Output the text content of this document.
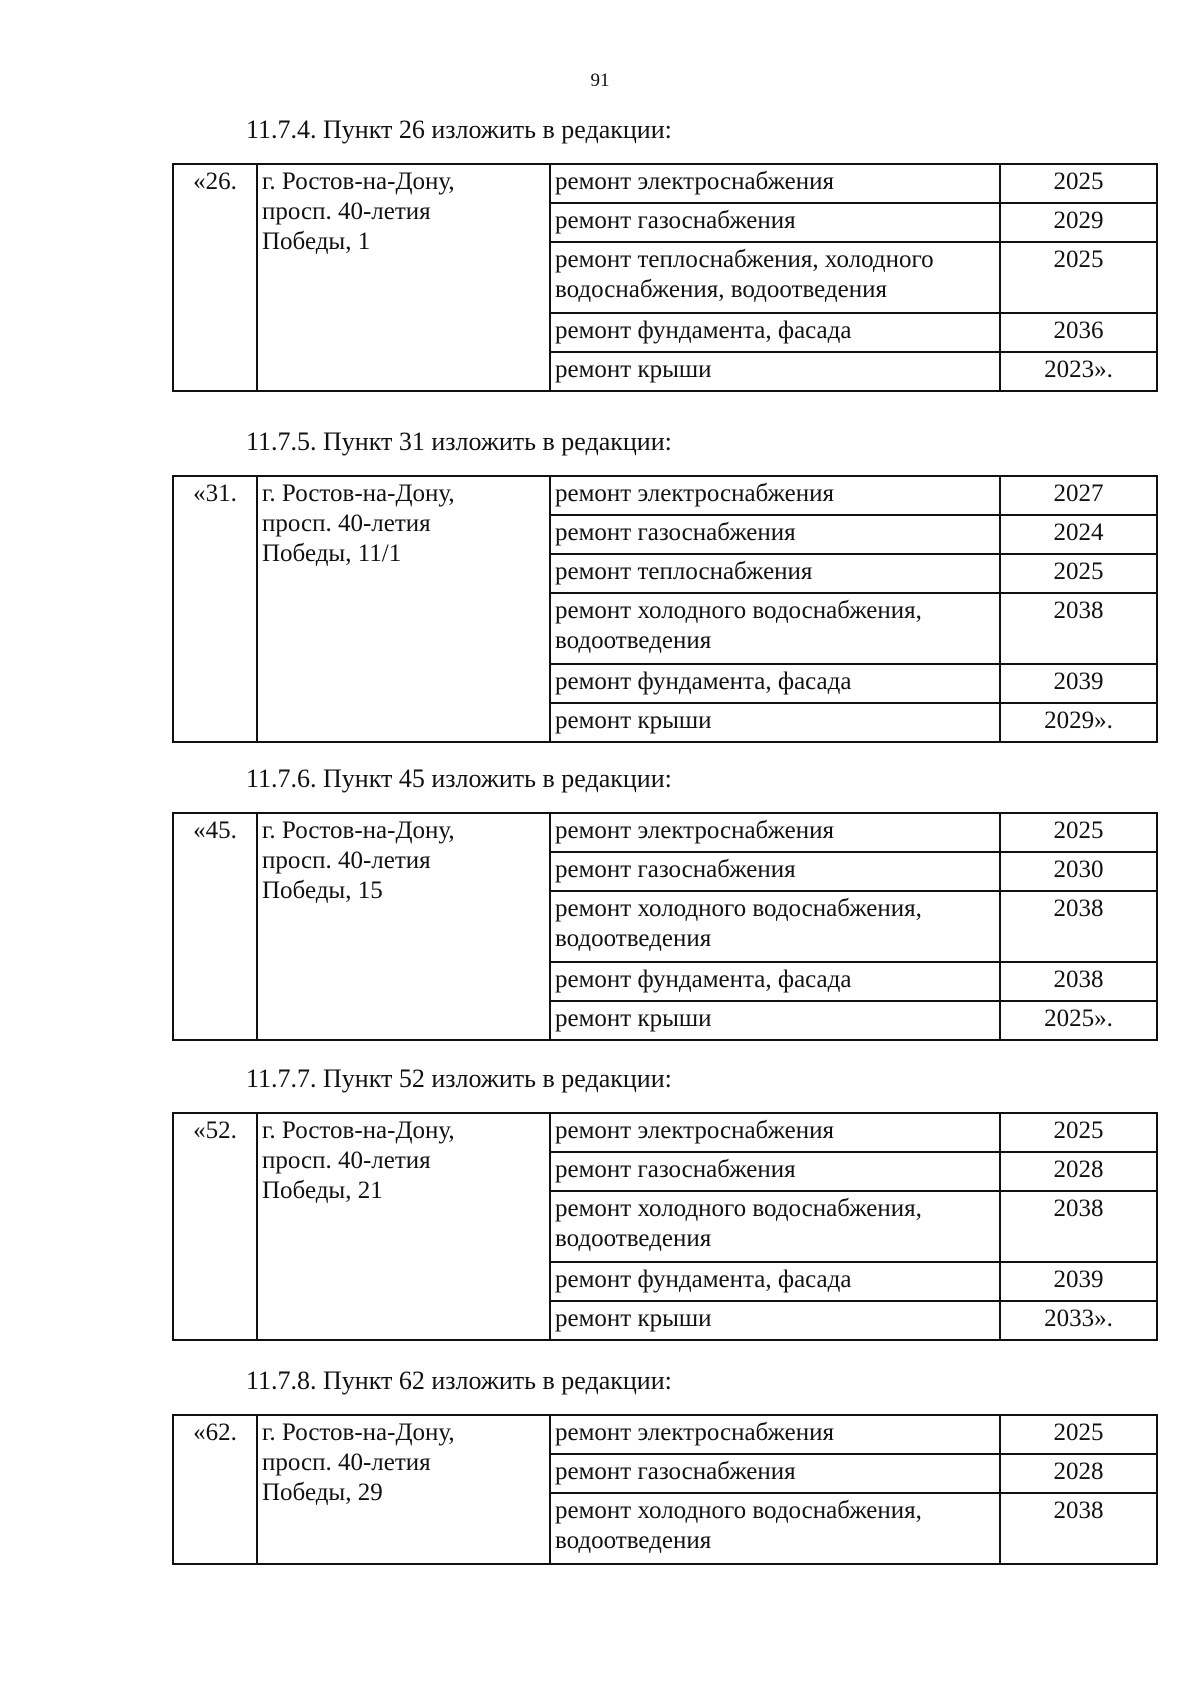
91
11.7.4. Пункт 26 изложить в редакции:
«26.	г. Ростов-на-Дону,
просп. 40-летия
Победы, 1	ремонт электроснабжения	2025

		ремонт газоснабжения	2029

		ремонт теплоснабжения, холодного
водоснабжения, водоотведения	2025

		ремонт фундамента, фасада	2036

		ремонт крыши	2023».
11.7.5. Пункт 31 изложить в редакции:
«31.	г. Ростов-на-Дону,
просп. 40-летия
Победы, 11/1	ремонт электроснабжения	2027

		ремонт газоснабжения	2024

		ремонт теплоснабжения	2025

		ремонт холодного водоснабжения,
водоотведения	2038

		ремонт фундамента, фасада	2039

		ремонт крыши	2029».
11.7.6. Пункт 45 изложить в редакции:
«45.	г. Ростов-на-Дону,
просп. 40-летия
Победы, 15	ремонт электроснабжения	2025

		ремонт газоснабжения	2030

		ремонт холодного водоснабжения,
водоотведения	2038

		ремонт фундамента, фасада	2038

		ремонт крыши	2025».
11.7.7. Пункт 52 изложить в редакции:
«52.	г. Ростов-на-Дону,
просп. 40-летия
Победы, 21	ремонт электроснабжения	2025

		ремонт газоснабжения	2028

		ремонт холодного водоснабжения,
водоотведения	2038

		ремонт фундамента, фасада	2039

		ремонт крыши	2033».
11.7.8. Пункт 62 изложить в редакции:
«62.	г. Ростов-на-Дону,
просп. 40-летия
Победы, 29	ремонт электроснабжения	2025

		ремонт газоснабжения	2028

		ремонт холодного водоснабжения,
водоотведения	2038
